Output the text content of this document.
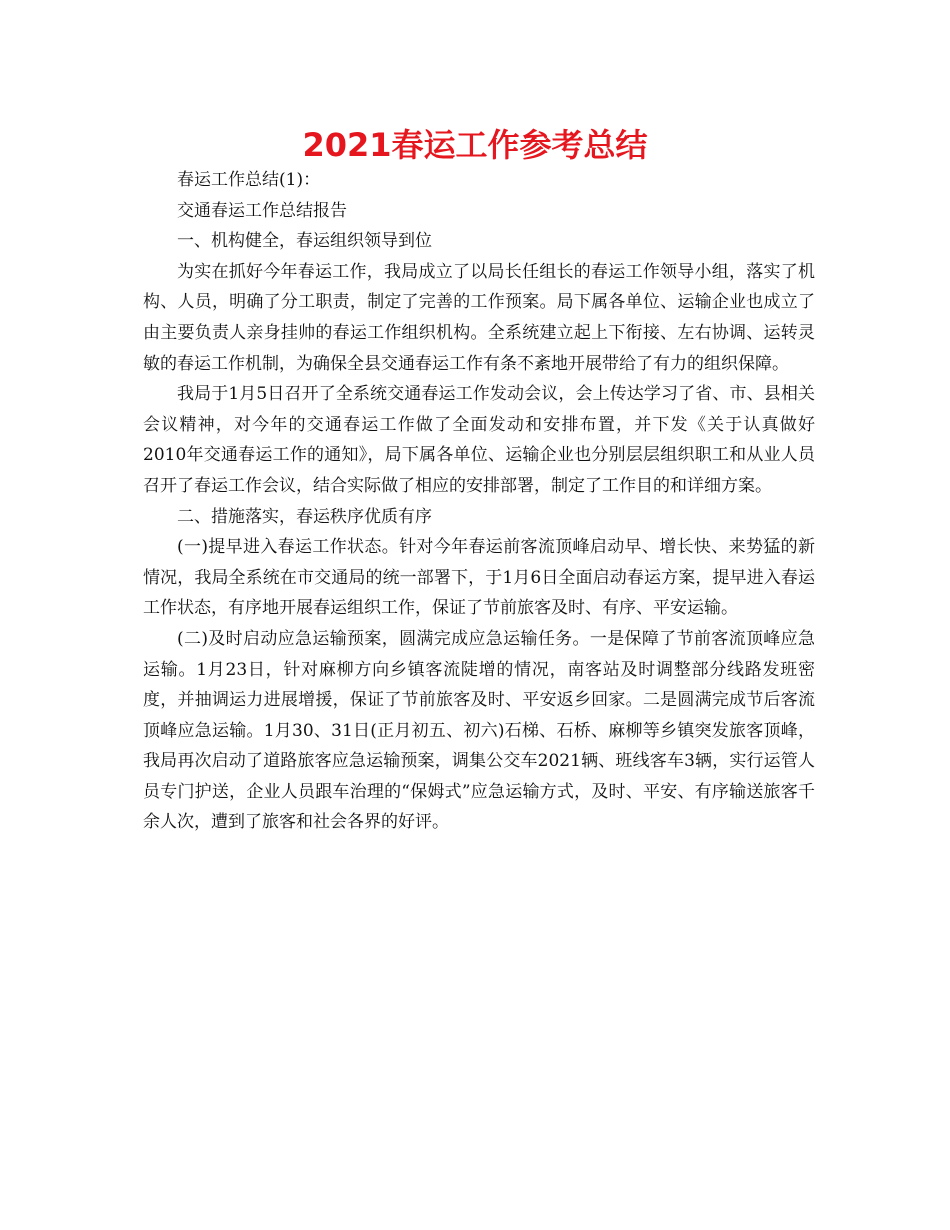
2021春运工作参考总结

春运工作总结(1)：

交通春运工作总结报告

一、机构健全，春运组织领导到位

为实在抓好今年春运工作，我局成立了以局长任组长的春运工作领导小组，落实了机构、人员，明确了分工职责，制定了完善的工作预案。局下属各单位、运输企业也成立了由主要负责人亲身挂帅的春运工作组织机构。全系统建立起上下衔接、左右协调、运转灵敏的春运工作机制，为确保全县交通春运工作有条不紊地开展带给了有力的组织保障。

我局于1月5日召开了全系统交通春运工作发动会议，会上传达学习了省、市、县相关会议精神，对今年的交通春运工作做了全面发动和安排布置，并下发《关于认真做好2010年交通春运工作的通知》，局下属各单位、运输企业也分别层层组织职工和从业人员召开了春运工作会议，结合实际做了相应的安排部署，制定了工作目的和详细方案。

二、措施落实，春运秩序优质有序

(一)提早进入春运工作状态。针对今年春运前客流顶峰启动早、增长快、来势猛的新情况，我局全系统在市交通局的统一部署下，于1月6日全面启动春运方案，提早进入春运工作状态，有序地开展春运组织工作，保证了节前旅客及时、有序、平安运输。

(二)及时启动应急运输预案，圆满完成应急运输任务。一是保障了节前客流顶峰应急运输。1月23日，针对麻柳方向乡镇客流陡增的情况，南客站及时调整部分线路发班密度，并抽调运力进展增援，保证了节前旅客及时、平安返乡回家。二是圆满完成节后客流顶峰应急运输。1月30、31日(正月初五、初六)石梯、石桥、麻柳等乡镇突发旅客顶峰，我局再次启动了道路旅客应急运输预案，调集公交车2021辆、班线客车3辆，实行运管人员专门护送，企业人员跟车治理的“保姆式”应急运输方式，及时、平安、有序输送旅客千余人次，遭到了旅客和社会各界的好评。
